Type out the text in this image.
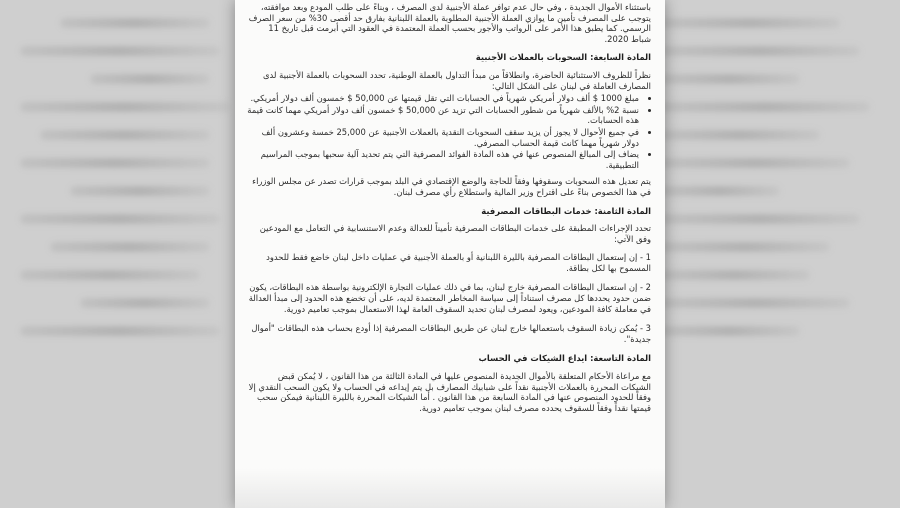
باستثناء الأموال الجديدة ، وفي حال عدم توافر عملة الأجنبية لدى المصرف ، وبناءً على طلب المودع وبعد موافقته، يتوجب على المصرف تأمين ما يوازي العملة الأجنبية المطلوبة بالعملة اللبنانية بفارق حد أقصى 30% من سعر الصرف الرسمي. كما يطبق هذا الأمر على الرواتب والأجور بحسب العملة المعتمدة في العقود التي أبرمت قبل تاريخ 11 شباط 2020.

المادة السابعة: السحوبات بالعملات الأجنبية

نظراً للظروف الاستثنائية الحاضرة، وانطلاقاً من مبدأ التداول بالعملة الوطنية، تحدد السحوبات بالعملة الأجنبية لدى المصارف العاملة في لبنان على الشكل التالي:

• مبلغ 1000 $ ألف دولار أمريكي شهرياً في الحسابات التي تقل قيمتها عن 50,000 $ خمسون ألف دولار أمريكي.
• نسبة 2% بالألف شهرياً من شطور الحسابات التي تزيد عن 50,000 $ خمسون ألف دولار أمريكي مهما كانت قيمة هذه الحسابات.
• في جميع الأحوال لا يجوز أن يزيد سقف السحوبات النقدية بالعملات الأجنبية عن 25,000 خمسة وعشرون ألف دولار شهرياً مهما كانت قيمة الحساب المصرفي.
• يضاف إلى المبالغ المنصوص عنها في هذه المادة الفوائد المصرفية التي يتم تحديد آلية سحبها بموجب المراسيم التطبيقية.

يتم تعديل هذه السحوبات وسقوفها وفقاً للحاجة والوضع الإقتصادي في البلد بموجب قرارات تصدر عن مجلس الوزراء في هذا الخصوص بناءً على اقتراح وزير المالية واستطلاع رأي مصرف لبنان.

المادة الثامنة: خدمات البطاقات المصرفية

تحدد الإجراءات المطبقة على خدمات البطاقات المصرفية تأميناً للعدالة وعدم الاستنسابية في التعامل مع المودعين وفق الآتي:

1 - إن إستعمال البطاقات المصرفية بالليرة اللبنانية أو بالعملة الأجنبية في عمليات داخل لبنان خاضع فقط للحدود المسموح بها لكل بطاقة.

2 - إن استعمال البطاقات المصرفية خارج لبنان، بما في ذلك عمليات التجارة الإلكترونية بواسطة هذه البطاقات، يكون ضمن حدود يحددها كل مصرف استناداً إلى سياسة المخاطر المعتمدة لديه، على أن تخضع هذه الحدود إلى مبدأ العدالة في معاملة كافة المودعين، ويعود لمصرف لبنان تحديد السقوف العامة لهذا الاستعمال بموجب تعاميم دورية.

3 - يُمكن زيادة السقوف باستعمالها خارج لبنان عن طريق البطاقات المصرفية إذا أودع بحساب هذه البطاقات "أموال جديدة".

المادة التاسعة: ايداع الشيكات في الحساب

مع مراعاة الأحكام المتعلقة بالأموال الجديدة المنصوص عليها في المادة الثالثة من هذا القانون ، لا يُمكن قبض الشيكات المحررة بالعملات الأجنبية نقداً على شبابيك المصارف بل يتم إيداعه في الحساب ولا يكون السحب النقدي إلا وفقاً للحدود المنصوص عنها في المادة السابعة من هذا القانون . أما الشيكات المحررة بالليرة اللبنانية فيمكن سحب قيمتها نقداً وفقاً للسقوف يحدده مصرف لبنان بموجب تعاميم دورية.
